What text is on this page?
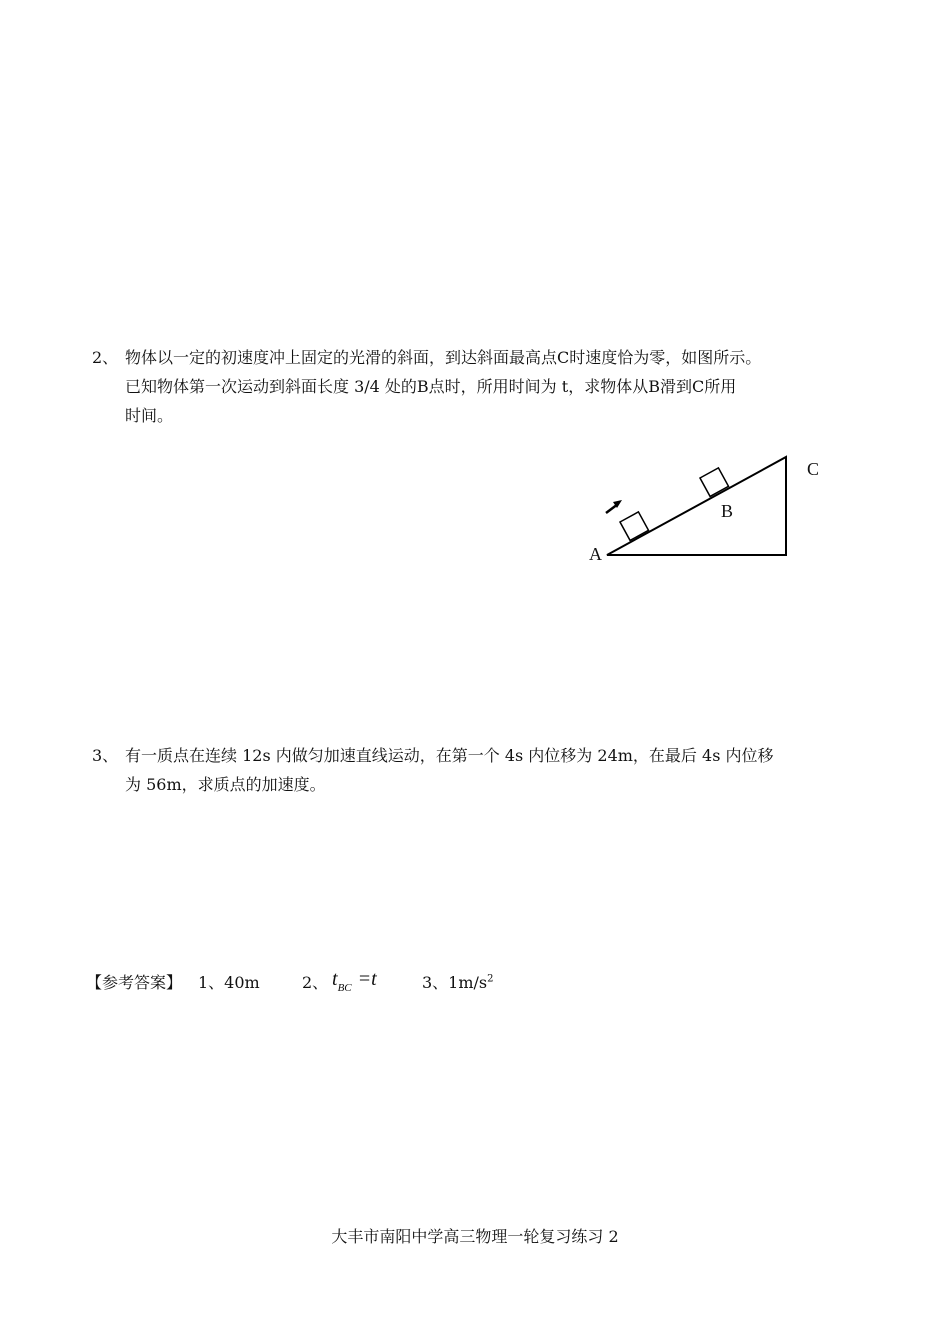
2、 物体以一定的初速度冲上固定的光滑的斜面，到达斜面最高点C时速度恰为零，如图所示。
已知物体第一次运动到斜面长度 3/4 处的B点时，所用时间为 t，求物体从B滑到C所用
时间。
A
B
C
3、 有一质点在连续 12s 内做匀加速直线运动，在第一个 4s 内位移为 24m，在最后 4s 内位移
为 56m，求质点的加速度。
【参考答案】 1、40m	2、 $t_{BC} =t$	3、$1m/s^2$
大丰市南阳中学高三物理一轮复习练习 2
